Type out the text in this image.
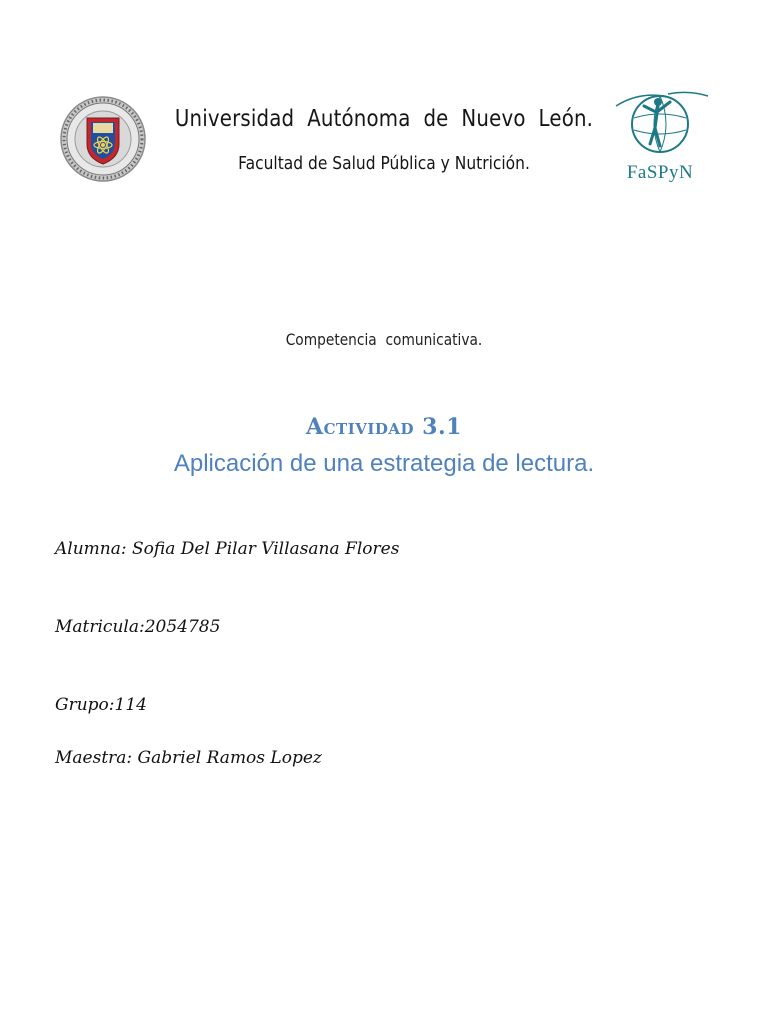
FaSPyN
Universidad  Autónoma  de  Nuevo  León.
Facultad de Salud Pública y Nutrición.
Competencia  comunicativa.
Actividad 3.1
Aplicación de una estrategia de lectura.
Alumna: Sofia Del Pilar Villasana Flores
Matricula:2054785
Grupo:114
Maestra: Gabriel Ramos Lopez
